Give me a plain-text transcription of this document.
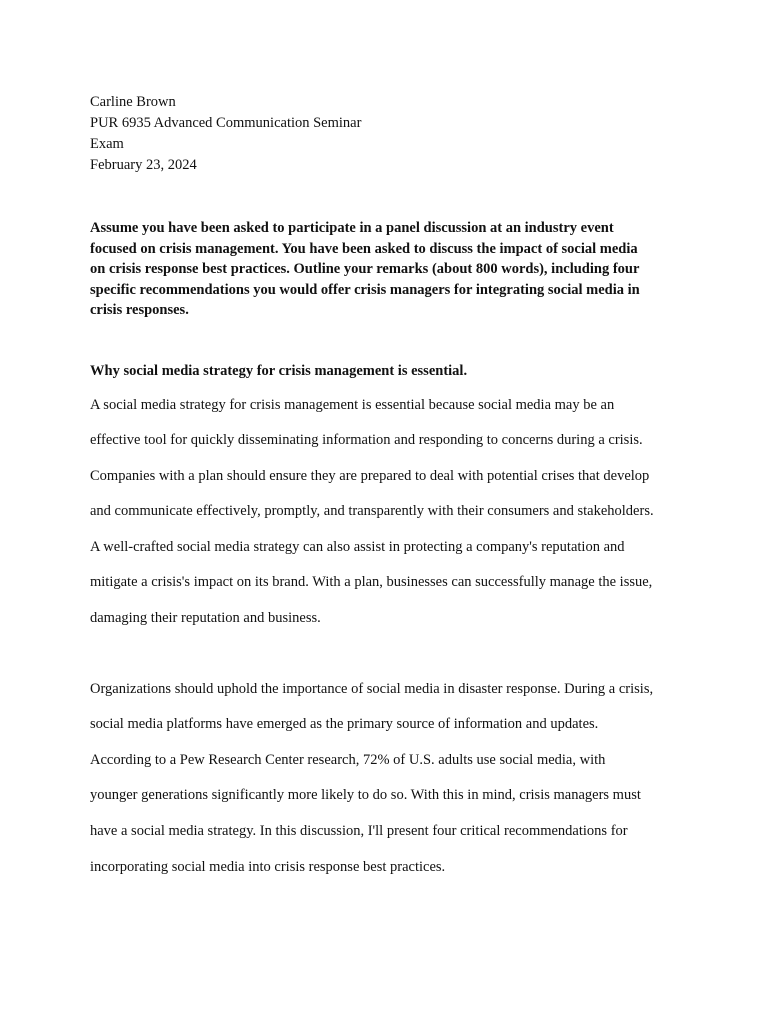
Carline Brown

PUR 6935 Advanced Communication Seminar

Exam

February 23, 2024

Assume you have been asked to participate in a panel discussion at an industry event
focused on crisis management. You have been asked to discuss the impact of social media
on crisis response best practices. Outline your remarks (about 800 words), including four
specific recommendations you would offer crisis managers for integrating social media in
crisis responses.
Why social media strategy for crisis management is essential.
A social media strategy for crisis management is essential because social media may be an
effective tool for quickly disseminating information and responding to concerns during a crisis.
Companies with a plan should ensure they are prepared to deal with potential crises that develop
and communicate effectively, promptly, and transparently with their consumers and stakeholders.
A well-crafted social media strategy can also assist in protecting a company's reputation and
mitigate a crisis's impact on its brand. With a plan, businesses can successfully manage the issue,
damaging their reputation and business.
Organizations should uphold the importance of social media in disaster response. During a crisis,
social media platforms have emerged as the primary source of information and updates.
According to a Pew Research Center research, 72% of U.S. adults use social media, with
younger generations significantly more likely to do so. With this in mind, crisis managers must
have a social media strategy. In this discussion, I'll present four critical recommendations for
incorporating social media into crisis response best practices.
